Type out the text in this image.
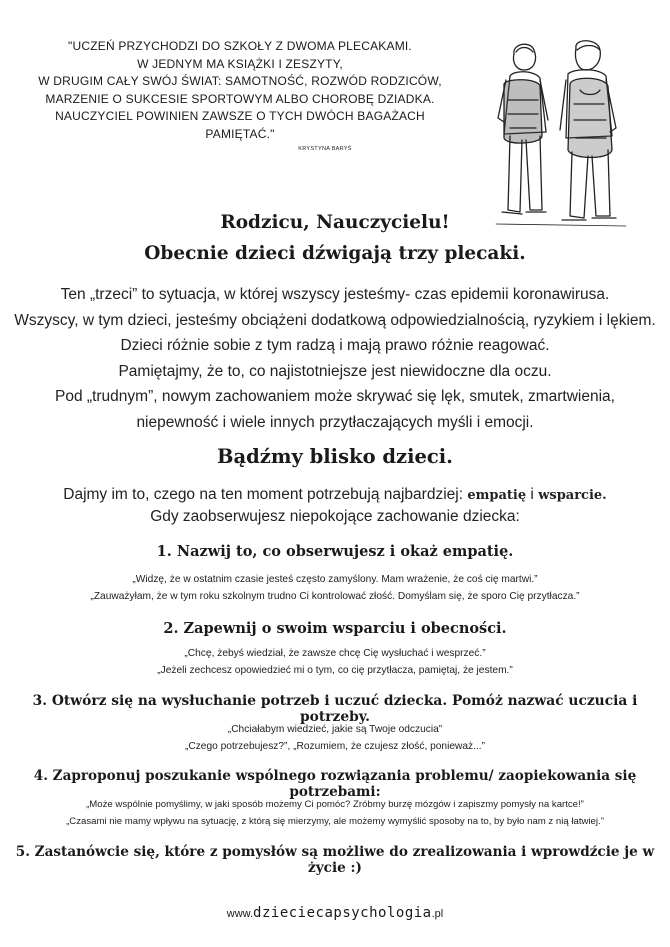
"UCZEŃ PRZYCHODZI DO SZKOŁY Z DWOMA PLECAKAMI.
W JEDNYM MA KSIĄŻKI I ZESZYTY,
W DRUGIM CAŁY SWÓJ ŚWIAT: SAMOTNOŚĆ, ROZWÓD RODZICÓW,
MARZENIE O SUKCESIE SPORTOWYM ALBO CHOROBĘ DZIADKA.
NAUCZYCIEL POWINIEN ZAWSZE O TYCH DWÓCH BAGAŻACH PAMIĘTAĆ."
KRYSTYNA BARYŚ
Rodzicu, Nauczycielu!
Obecnie dzieci dźwigają trzy plecaki.
Ten „trzeci” to sytuacja, w której wszyscy jesteśmy- czas epidemii koronawirusa.
Wszyscy, w tym dzieci, jesteśmy obciążeni dodatkową odpowiedzialnością, ryzykiem i lękiem.
Dzieci różnie sobie z tym radzą i mają prawo różnie reagować.
Pamiętajmy, że to, co najistotniejsze jest niewidoczne dla oczu.
Pod „trudnym”, nowym zachowaniem może skrywać się lęk, smutek, zmartwienia,
niepewność i wiele innych przytłaczających myśli i emocji.
Bądźmy blisko dzieci.
Dajmy im to, czego na ten moment potrzebują najbardziej: empatię i wsparcie.
Gdy zaobserwujesz niepokojące zachowanie dziecka:
1. Nazwij to, co obserwujesz i okaż empatię.
„Widzę, że w ostatnim czasie jesteś często zamyślony. Mam wrażenie, że coś cię martwi.”
„Zauważyłam, że w tym roku szkolnym trudno Ci kontrolować złość. Domyślam się, że sporo Cię przytłacza.”
2. Zapewnij o swoim wsparciu i obecności.
„Chcę, żebyś wiedział, że zawsze chcę Cię wysłuchać i wesprzeć.”
„Jeżeli zechcesz opowiedzieć mi o tym, co cię przytłacza, pamiętaj, że jestem.”
3. Otwórz się na wysłuchanie potrzeb i uczuć dziecka. Pomóż nazwać uczucia i potrzeby.
„Chciałabym wiedzieć, jakie są Twoje odczucia”
„Czego potrzebujesz?”, „Rozumiem, że czujesz złość, ponieważ...”
4. Zaproponuj poszukanie wspólnego rozwiązania problemu/ zaopiekowania się potrzebami:
„Może wspólnie pomyślimy, w jaki sposób możemy Ci pomóc? Zróbmy burzę mózgów i zapiszmy pomysły na kartce!”
„Czasami nie mamy wpływu na sytuację, z którą się mierzymy, ale możemy wymyślić sposoby na to, by było nam z nią łatwiej.”
5. Zastanówcie się, które z pomysłów są możliwe do zrealizowania i wprowdźcie je w życie :)
www.dzieciecapsychologia.pl
